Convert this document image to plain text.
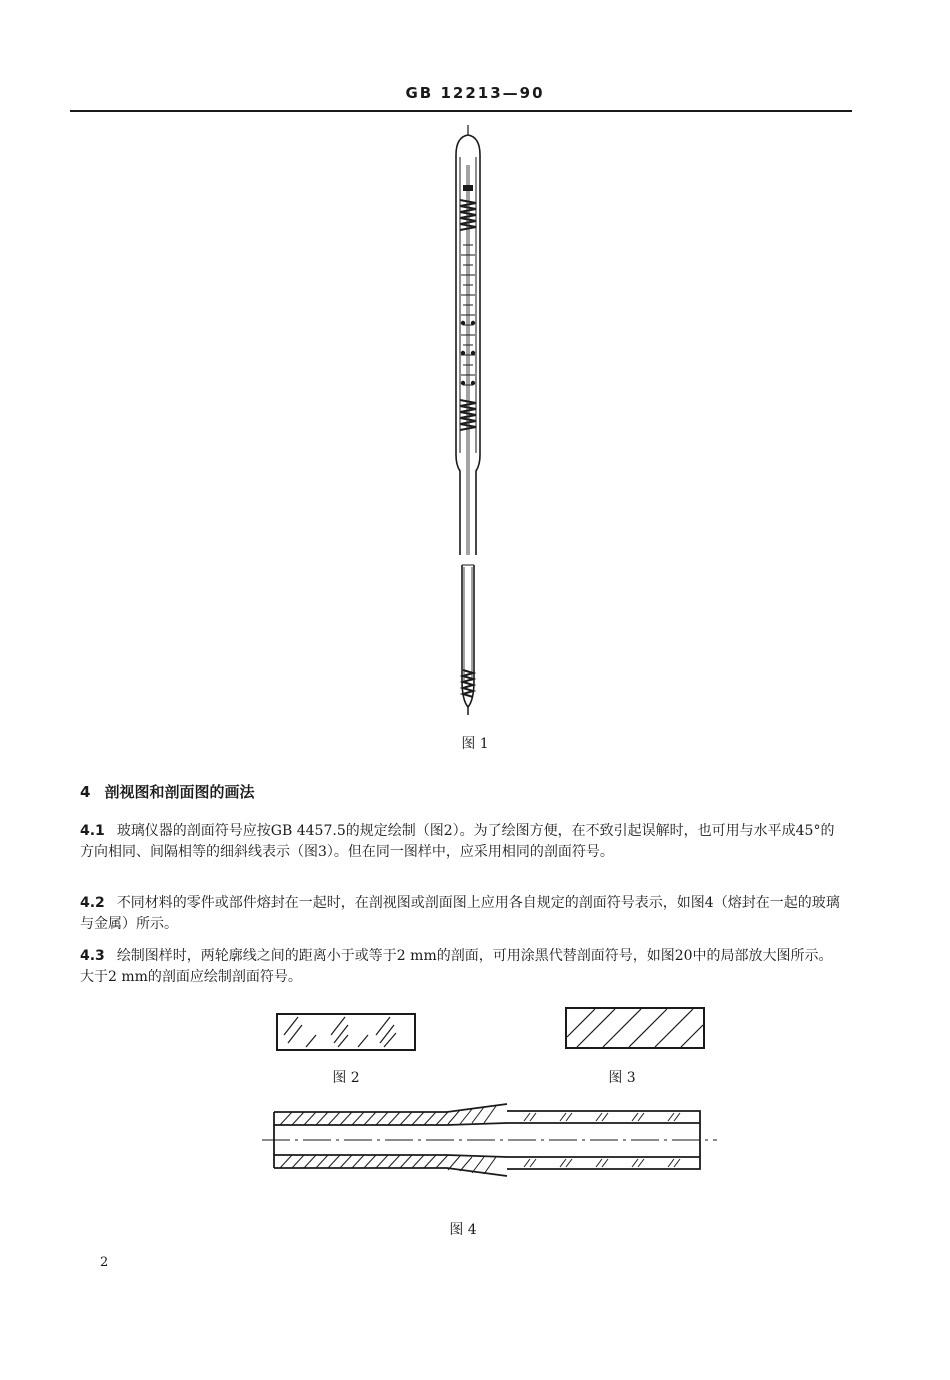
GB 12213—90
图 1
4 剖视图和剖面图的画法
4.1 玻璃仪器的剖面符号应按GB 4457.5的规定绘制（图2）。为了绘图方便，在不致引起误解时，也可用与水平成45°的方向相同、间隔相等的细斜线表示（图3）。但在同一图样中，应采用相同的剖面符号。
4.2 不同材料的零件或部件熔封在一起时，在剖视图或剖面图上应用各自规定的剖面符号表示，如图4（熔封在一起的玻璃与金属）所示。
4.3 绘制图样时，两轮廓线之间的距离小于或等于2 mm的剖面，可用涂黑代替剖面符号，如图20中的局部放大图所示。大于2 mm的剖面应绘制剖面符号。
图 2	图 3
图 4
2
